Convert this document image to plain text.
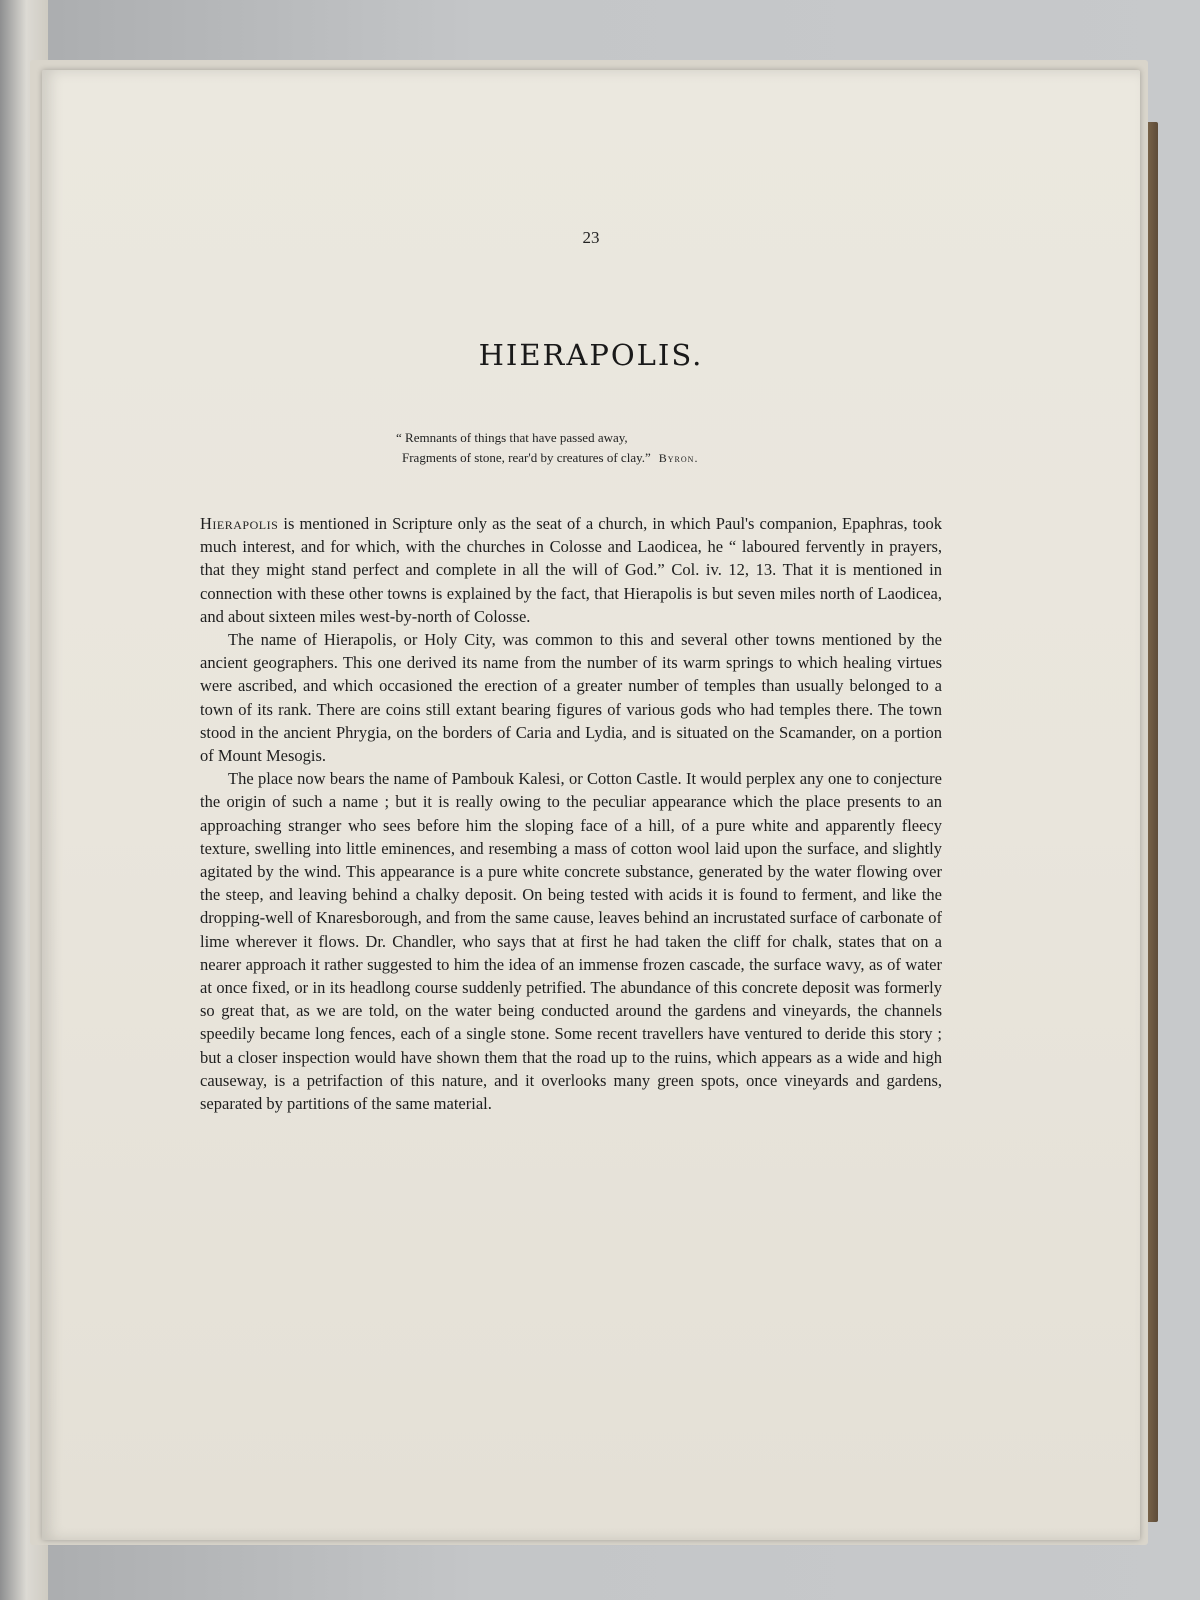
23

HIERAPOLIS.
“ Remnants of things that have passed away,
Fragments of stone, rear'd by creatures of clay.” Byron.

Hierapolis is mentioned in Scripture only as the seat of a church, in which Paul's companion, Epaphras, took much interest, and for which, with the churches in Colosse and Laodicea, he “ laboured fervently in prayers, that they might stand perfect and complete in all the will of God.” Col. iv. 12, 13. That it is mentioned in connection with these other towns is explained by the fact, that Hierapolis is but seven miles north of Laodicea, and about sixteen miles west-by-north of Colosse.

The name of Hierapolis, or Holy City, was common to this and several other towns mentioned by the ancient geographers. This one derived its name from the number of its warm springs to which healing virtues were ascribed, and which occasioned the erection of a greater number of temples than usually belonged to a town of its rank. There are coins still extant bearing figures of various gods who had temples there. The town stood in the ancient Phrygia, on the borders of Caria and Lydia, and is situated on the Scamander, on a portion of Mount Mesogis.

The place now bears the name of Pambouk Kalesi, or Cotton Castle. It would perplex any one to conjecture the origin of such a name ; but it is really owing to the peculiar appearance which the place presents to an approaching stranger who sees before him the sloping face of a hill, of a pure white and apparently fleecy texture, swelling into little eminences, and resembing a mass of cotton wool laid upon the surface, and slightly agitated by the wind. This appearance is a pure white concrete substance, generated by the water flowing over the steep, and leaving behind a chalky deposit. On being tested with acids it is found to ferment, and like the dropping-well of Knaresborough, and from the same cause, leaves behind an incrustated surface of carbonate of lime wherever it flows. Dr. Chandler, who says that at first he had taken the cliff for chalk, states that on a nearer approach it rather suggested to him the idea of an immense frozen cascade, the surface wavy, as of water at once fixed, or in its headlong course suddenly petrified. The abundance of this concrete deposit was formerly so great that, as we are told, on the water being conducted around the gardens and vineyards, the channels speedily became long fences, each of a single stone. Some recent travellers have ventured to deride this story ; but a closer inspection would have shown them that the road up to the ruins, which appears as a wide and high causeway, is a petrifaction of this nature, and it overlooks many green spots, once vineyards and gardens, separated by partitions of the same material.
